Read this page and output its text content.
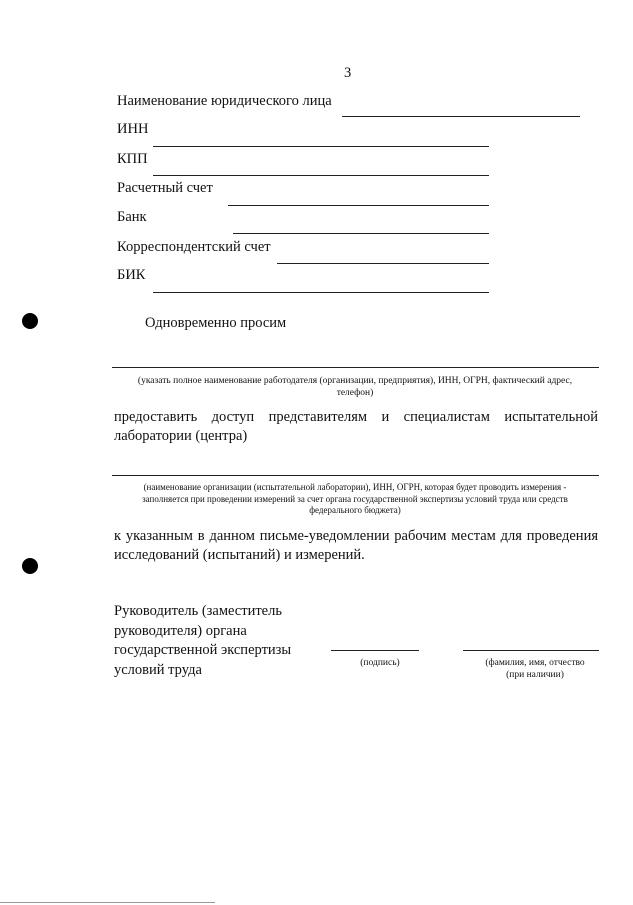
3
Наименование юридического лица
ИНН
КПП
Расчетный счет
Банк
Корреспондентский счет
БИК
Одновременно просим
(указать полное наименование работодателя (организации, предприятия), ИНН, ОГРН, фактический адрес,
телефон)
предоставить доступ представителям и специалистам испытательной
лаборатории (центра)
(наименование организации (испытательной лаборатории), ИНН, ОГРН, которая будет проводить измерения -
заполняется при проведении измерений за счет органа государственной экспертизы условий труда или средств
федерального бюджета)
к указанным в данном письме-уведомлении рабочим местам для проведения
исследований (испытаний) и измерений.
Руководитель (заместитель
руководителя) органа
государственной экспертизы
условий труда	(подпись)	(фамилия, имя, отчество
(при наличии)
